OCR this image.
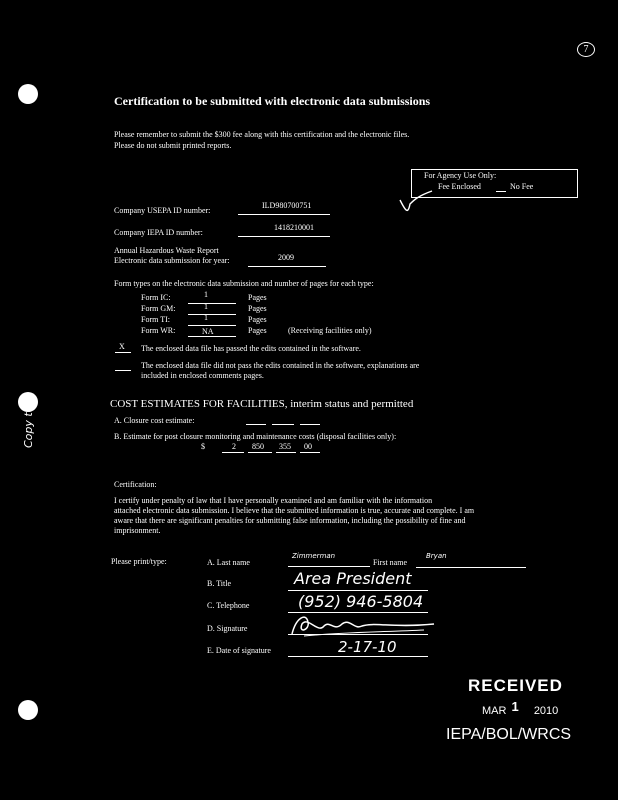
7
Certification to be submitted with electronic data submissions
Please remember to submit the $300 fee along with this certification and the electronic files.
Please do not submit printed reports.
For Agency Use Only:
Fee Enclosed	No Fee
Company USEPA ID number:
ILD980700751
Company IEPA ID number:
1418210001
Annual Hazardous Waste Report
Electronic data submission for year:	2009
Form types on the electronic data submission and number of pages for each type:
Form IC:	1	Pages
Form GM:	1	Pages
Form TI:	1	Pages
Form WR:	NA	Pages	(Receiving facilities only)
X The enclosed data file has passed the edits contained in the software.
The enclosed data file did not pass the edits contained in the software, explanations are
included in enclosed comments pages.
COST ESTIMATES FOR FACILITIES, interim status and permitted
A. Closure cost estimate:
B. Estimate for post closure monitoring and maintenance costs (disposal facilities only):
$	2 850 355 00
Copy to
Certification:
I certify under penalty of law that I have personally examined and am familiar with the information
attached electronic data submission. I believe that the submitted information is true, accurate and complete. I am
aware that there are significant penalties for submitting false information, including the possibility of fine and
imprisonment.
Please print/type:	A. Last name
Zimmerman
First name
Bryan
B. Title	Area President
C. Telephone	(952) 946-5804
D. Signature
E. Date of signature	2-17-10
RECEIVED
MAR 1 2010
IEPA/BOL/WRCS
